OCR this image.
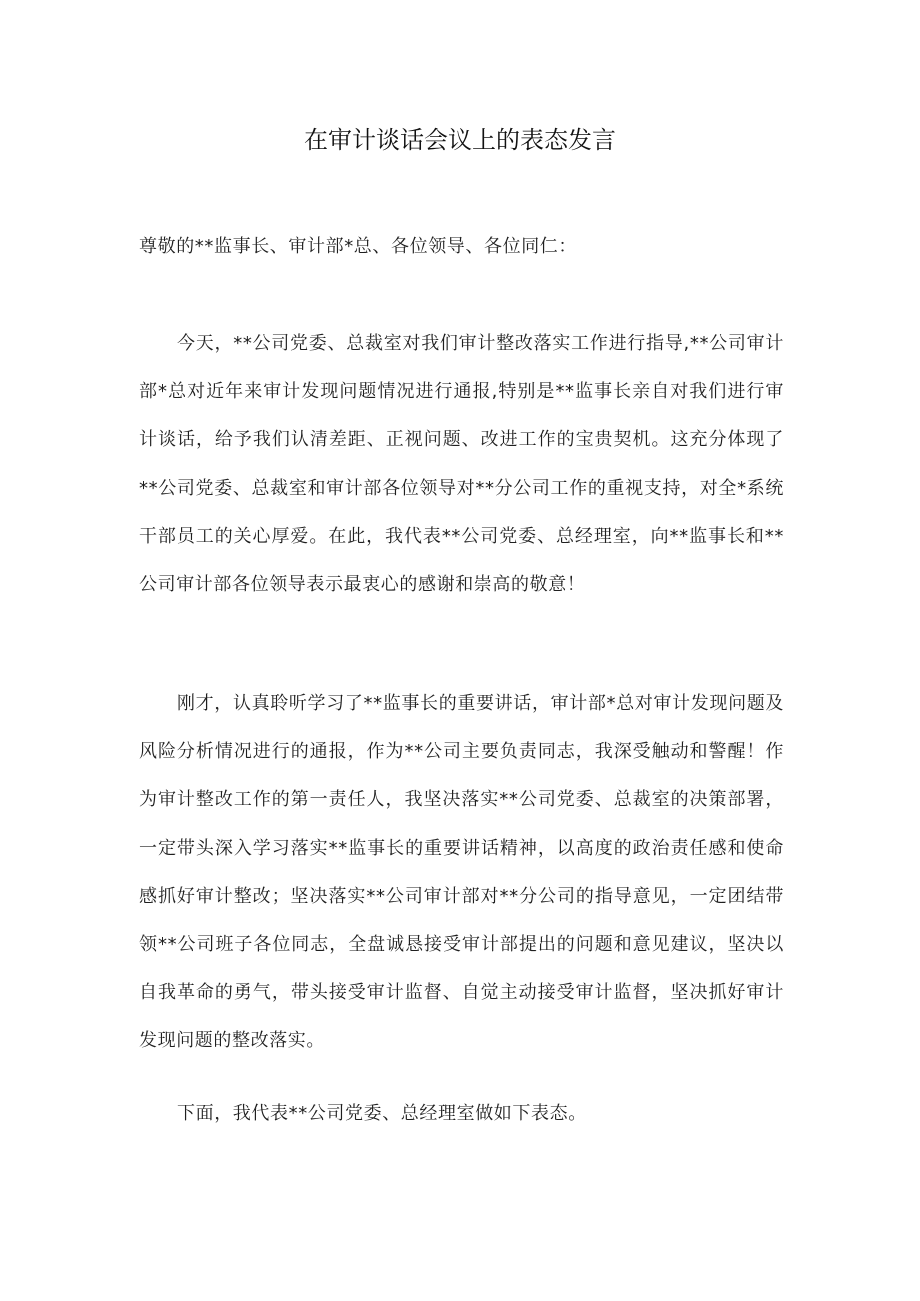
在审计谈话会议上的表态发言

尊敬的**监事长、审计部*总、各位领导、各位同仁：

今天，**公司党委、总裁室对我们审计整改落实工作进行指导,**公司审计部*总对近年来审计发现问题情况进行通报,特别是**监事长亲自对我们进行审计谈话，给予我们认清差距、正视问题、改进工作的宝贵契机。这充分体现了**公司党委、总裁室和审计部各位领导对**分公司工作的重视支持，对全*系统干部员工的关心厚爱。在此，我代表**公司党委、总经理室，向**监事长和**公司审计部各位领导表示最衷心的感谢和崇高的敬意！

刚才，认真聆听学习了**监事长的重要讲话，审计部*总对审计发现问题及风险分析情况进行的通报，作为**公司主要负责同志，我深受触动和警醒！作为审计整改工作的第一责任人，我坚决落实**公司党委、总裁室的决策部署，一定带头深入学习落实**监事长的重要讲话精神，以高度的政治责任感和使命感抓好审计整改；坚决落实**公司审计部对**分公司的指导意见，一定团结带领**公司班子各位同志，全盘诚恳接受审计部提出的问题和意见建议，坚决以自我革命的勇气，带头接受审计监督、自觉主动接受审计监督，坚决抓好审计发现问题的整改落实。

下面，我代表**公司党委、总经理室做如下表态。
